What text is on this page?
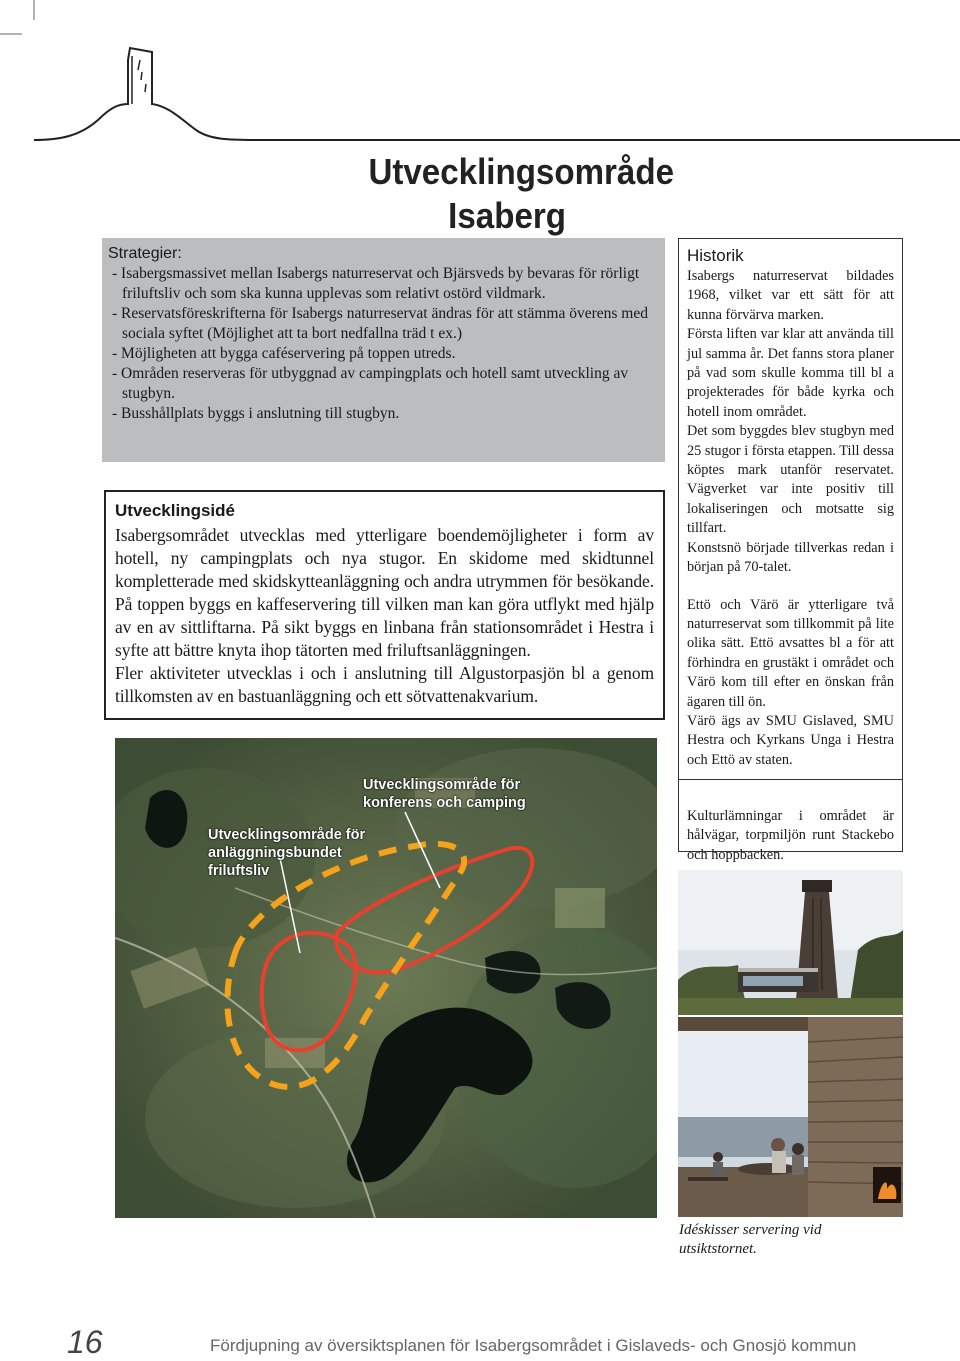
Utvecklingsområde
Isaberg
Strategier:
- Isabergsmassivet mellan Isabergs naturreservat och Bjärsveds by bevaras för rörligt friluftsliv och som ska kunna upplevas som relativt ostörd vildmark.
- Reservatsföreskrifterna för Isabergs naturreservat ändras för att stämma överens med sociala syftet (Möjlighet att ta bort nedfallna träd t ex.)
- Möjligheten att bygga caféservering på toppen utreds.
- Områden reserveras för utbyggnad av campingplats och hotell samt utveckling av stugbyn.
- Busshållplats byggs i anslutning till stugbyn.
Utvecklingsidé

Isabergsområdet utvecklas med ytterligare boendemöjligheter i form av hotell, ny campingplats och nya stugor. En skidome med skidtunnel kompletterade med skidskytteanläggning och andra utrymmen för besökande. På toppen byggs en kaffeservering till vilken man kan göra utflykt med hjälp av en av sittliftarna. På sikt byggs en linbana från stationsområdet i Hestra i syfte att bättre knyta ihop tätorten med friluftsanläggningen.

Fler aktiviteter utvecklas i och i anslutning till Algustorpasjön bl a genom tillkomsten av en bastuanläggning och ett sötvattenakvarium.

Utvecklingsområde för
konferens och camping
Utvecklingsområde för
anläggningsbundet
friluftsliv
Historik

Isabergs naturreservat bildades 1968, vilket var ett sätt för att kunna förvärva marken.

Första liften var klar att använda till jul samma år. Det fanns stora planer på vad som skulle komma till bl a projekterades för både kyrka och hotell inom området.

Det som byggdes blev stugbyn med 25 stugor i första etappen. Till dessa köptes mark utanför reservatet. Vägverket var inte positiv till lokaliseringen och motsatte sig tillfart.

Konstsnö började tillverkas redan i början på 70-talet.

Ettö och Värö är ytterligare två naturreservat som tillkommit på lite olika sätt. Ettö avsattes bl a för att förhindra en grustäkt i området och Värö kom till efter en önskan från ägaren till ön.

Värö ägs av SMU Gislaved, SMU Hestra och Kyrkans Unga i Hestra och Ettö av staten.

Kulturlämningar i området är hålvägar, torpmiljön runt Stackebo och hoppbacken.

Idéskisser servering vid utsiktstornet.
16	Fördjupning av översiktsplanen för Isabergsområdet i Gislaveds- och Gnosjö kommun
